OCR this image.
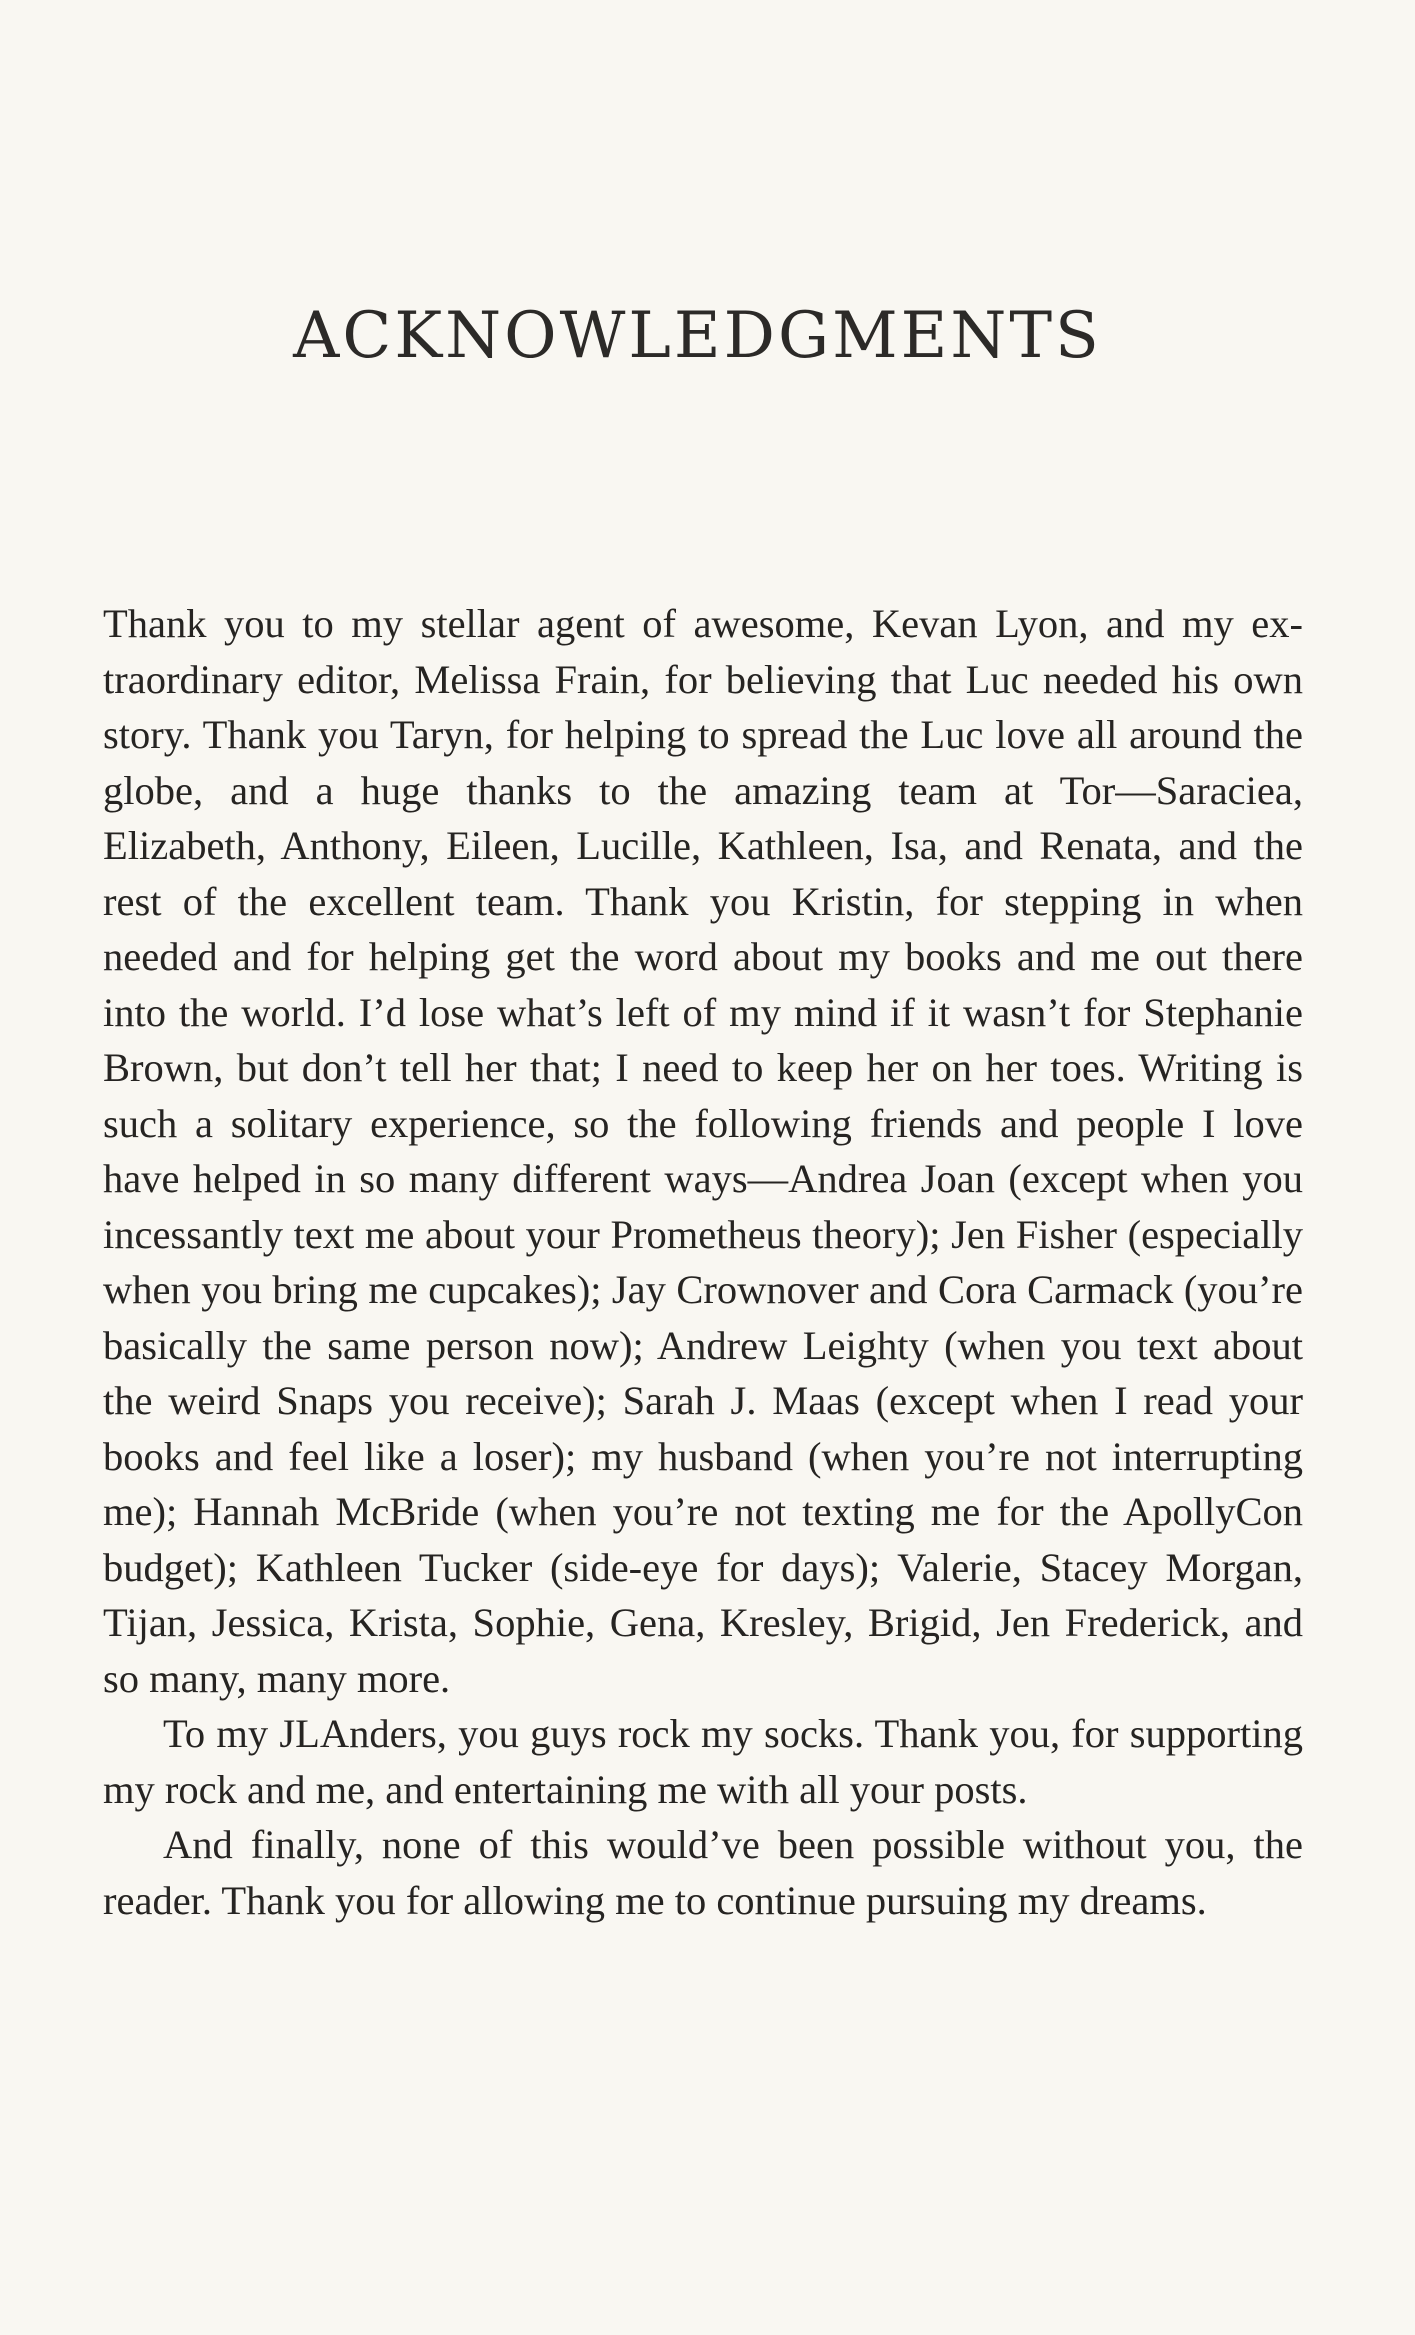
ACKNOWLEDGMENTS

Thank you to my stellar agent of awesome, Kevan Lyon, and my extraordinary editor, Melissa Frain, for believing that Luc needed his own story. Thank you Taryn, for helping to spread the Luc love all around the globe, and a huge thanks to the amazing team at Tor—Saraciea, Elizabeth, Anthony, Eileen, Lucille, Kathleen, Isa, and Renata, and the rest of the excellent team. Thank you Kristin, for stepping in when needed and for helping get the word about my books and me out there into the world. I’d lose what’s left of my mind if it wasn’t for Stephanie Brown, but don’t tell her that; I need to keep her on her toes. Writing is such a solitary experience, so the following friends and people I love have helped in so many different ways—Andrea Joan (except when you incessantly text me about your Prometheus theory); Jen Fisher (especially when you bring me cupcakes); Jay Crownover and Cora Carmack (you’re basically the same person now); Andrew Leighty (when you text about the weird Snaps you receive); Sarah J. Maas (except when I read your books and feel like a loser); my husband (when you’re not interrupting me); Hannah McBride (when you’re not texting me for the ApollyCon budget); Kathleen Tucker (side-eye for days); Valerie, Stacey Morgan, Tijan, Jessica, Krista, Sophie, Gena, Kresley, Brigid, Jen Frederick, and so many, many more.

To my JLAnders, you guys rock my socks. Thank you, for supporting my rock and me, and entertaining me with all your posts.

And finally, none of this would’ve been possible without you, the reader. Thank you for allowing me to continue pursuing my dreams.
